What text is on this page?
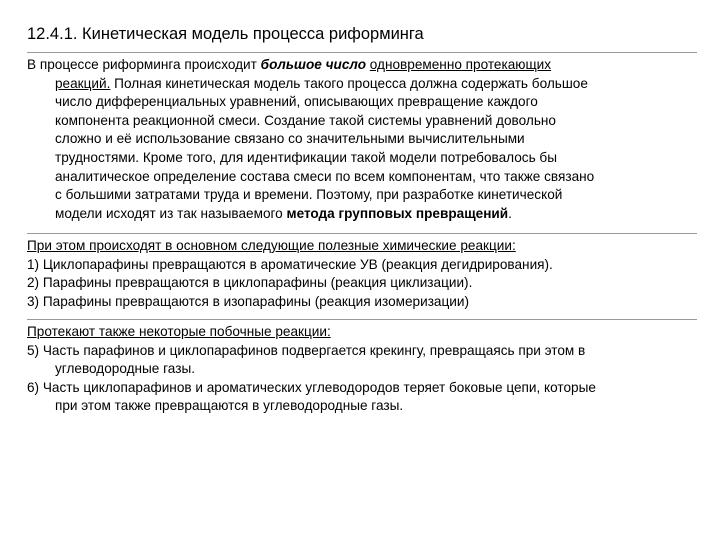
12.4.1. Кинетическая модель процесса риформинга
В процессе риформинга происходит большое число одновременно протекающих
реакций. Полная кинетическая модель такого процесса должна содержать большое
число дифференциальных уравнений, описывающих превращение каждого
компонента реакционной смеси. Создание такой системы уравнений довольно
сложно и её использование связано со значительными вычислительными
трудностями. Кроме того, для идентификации такой модели потребовалось бы
аналитическое определение состава смеси по всем компонентам, что также связано
с большими затратами труда и времени. Поэтому, при разработке кинетической
модели исходят из так называемого метода групповых превращений.
При этом происходят в основном следующие полезные химические реакции:
1) Циклопарафины превращаются в ароматические УВ (реакция дегидрирования).
2) Парафины превращаются в циклопарафины (реакция циклизации).
3) Парафины превращаются в изопарафины (реакция изомеризации)
Протекают также некоторые побочные реакции:
5) Часть парафинов и циклопарафинов подвергается крекингу, превращаясь при этом в
углеводородные газы.
6) Часть циклопарафинов и ароматических углеводородов теряет боковые цепи, которые
при этом также превращаются в углеводородные газы.
